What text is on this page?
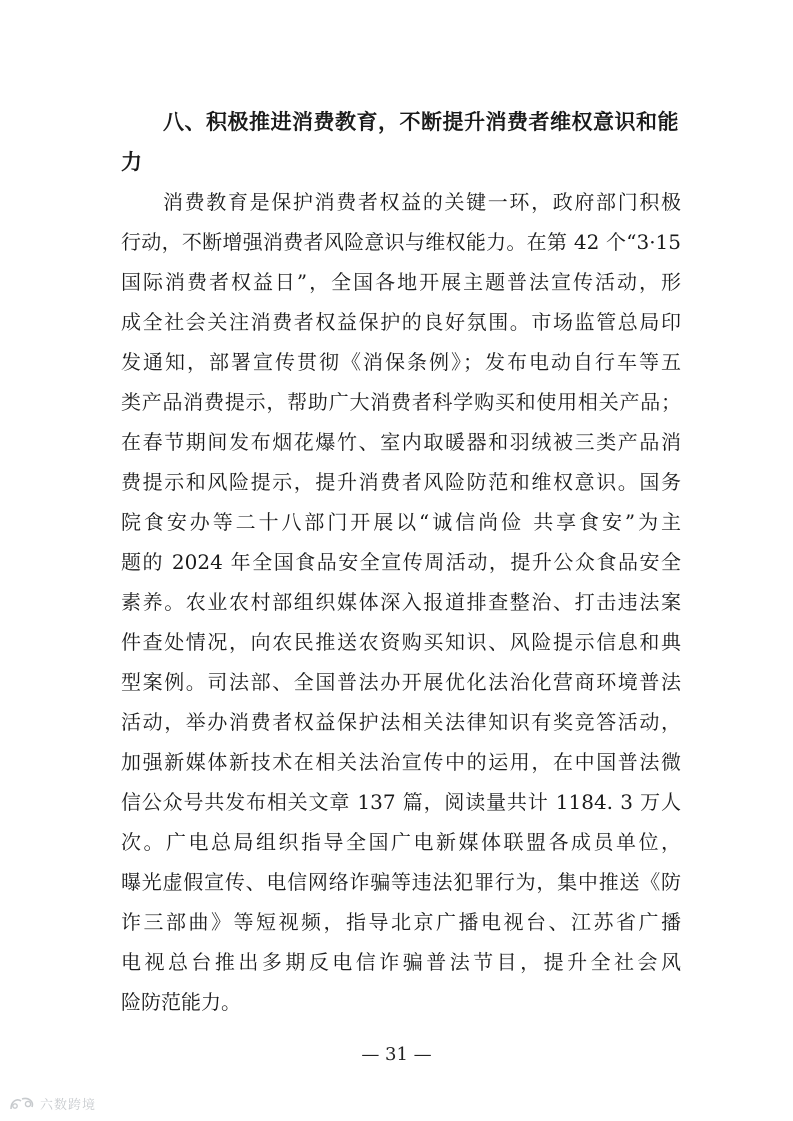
八、积极推进消费教育，不断提升消费者维权意识和能
力
消费教育是保护消费者权益的关键一环，政府部门积极
行动，不断增强消费者风险意识与维权能力。在第 42 个“3·15
国际消费者权益日”，全国各地开展主题普法宣传活动，形
成全社会关注消费者权益保护的良好氛围。市场监管总局印
发通知，部署宣传贯彻《消保条例》；发布电动自行车等五
类产品消费提示，帮助广大消费者科学购买和使用相关产品；
在春节期间发布烟花爆竹、室内取暖器和羽绒被三类产品消
费提示和风险提示，提升消费者风险防范和维权意识。国务
院食安办等二十八部门开展以“诚信尚俭 共享食安”为主
题的 2024 年全国食品安全宣传周活动，提升公众食品安全
素养。农业农村部组织媒体深入报道排查整治、打击违法案
件查处情况，向农民推送农资购买知识、风险提示信息和典
型案例。司法部、全国普法办开展优化法治化营商环境普法
活动，举办消费者权益保护法相关法律知识有奖竞答活动，
加强新媒体新技术在相关法治宣传中的运用，在中国普法微
信公众号共发布相关文章 137 篇，阅读量共计 1184. 3 万人
次。广电总局组织指导全国广电新媒体联盟各成员单位，
曝光虚假宣传、电信网络诈骗等违法犯罪行为，集中推送《防
诈三部曲》等短视频，指导北京广播电视台、江苏省广播
电视总台推出多期反电信诈骗普法节目，提升全社会风
险防范能力。
— 31 —
六数跨境
